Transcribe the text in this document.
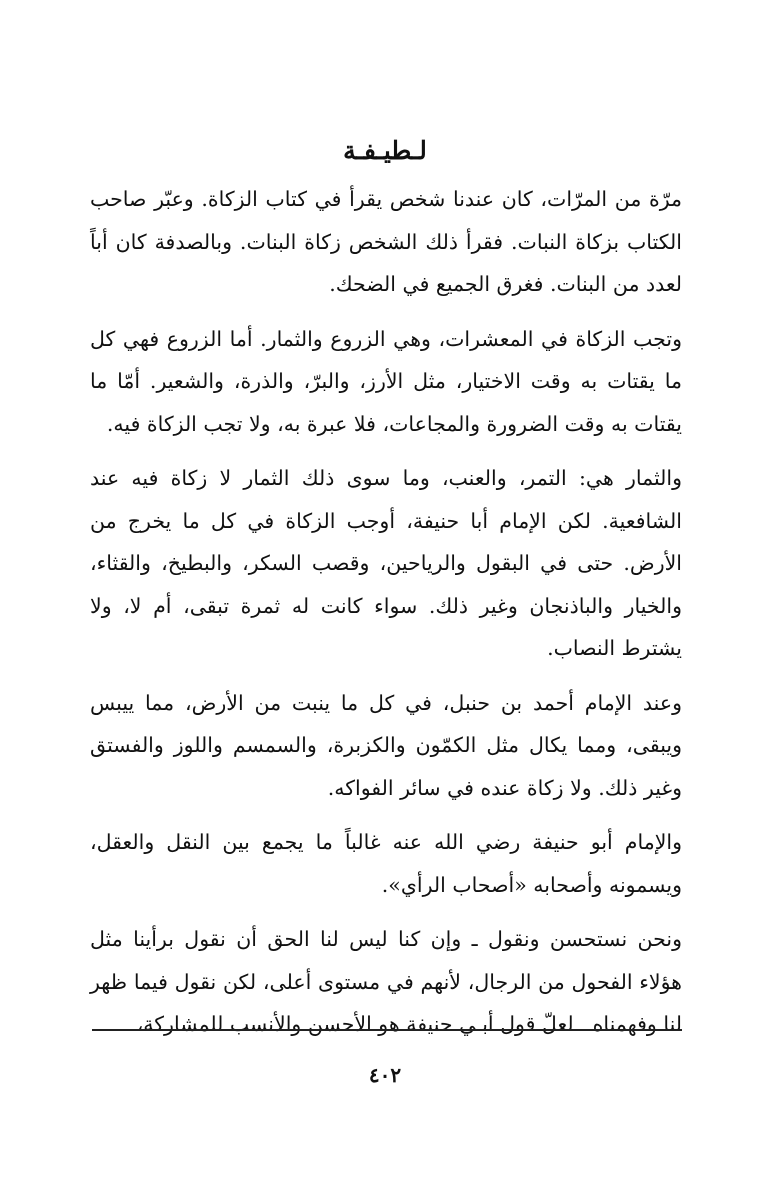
لـطيـفـة

مرّة من المرّات، كان عندنا شخص يقرأ في كتاب الزكاة. وعبّر صاحب الكتاب بزكاة النبات. فقرأ ذلك الشخص زكاة البنات. وبالصدفة كان أباً لعدد من البنات. فغرق الجميع في الضحك.

وتجب الزكاة في المعشرات، وهي الزروع والثمار. أما الزروع فهي كل ما يقتات به وقت الاختيار، مثل الأرز، والبرّ، والذرة، والشعير. أمّا ما يقتات به وقت الضرورة والمجاعات، فلا عبرة به، ولا تجب الزكاة فيه.

والثمار هي: التمر، والعنب، وما سوى ذلك الثمار لا زكاة فيه عند الشافعية. لكن الإمام أبا حنيفة، أوجب الزكاة في كل ما يخرج من الأرض. حتى في البقول والرياحين، وقصب السكر، والبطيخ، والقثاء، والخيار والباذنجان وغير ذلك. سواء كانت له ثمرة تبقى، أم لا، ولا يشترط النصاب.

وعند الإمام أحمد بن حنبل، في كل ما ينبت من الأرض، مما ييبس ويبقى، ومما يكال مثل الكمّون والكزبرة، والسمسم واللوز والفستق وغير ذلك. ولا زكاة عنده في سائر الفواكه.

والإمام أبو حنيفة رضي الله عنه غالباً ما يجمع بين النقل والعقل، ويسمونه وأصحابه «أصحاب الرأي».

ونحن نستحسن ونقول ـ وإن كنا ليس لنا الحق أن نقول برأينا مثل هؤلاء الفحول من الرجال، لأنهم في مستوى أعلى، لكن نقول فيما ظهر لنا وفهمناه ـ لعلّ قول أبـي حنيفة هو الأحسن والأنسب للمشاركة،

٤٠٢
